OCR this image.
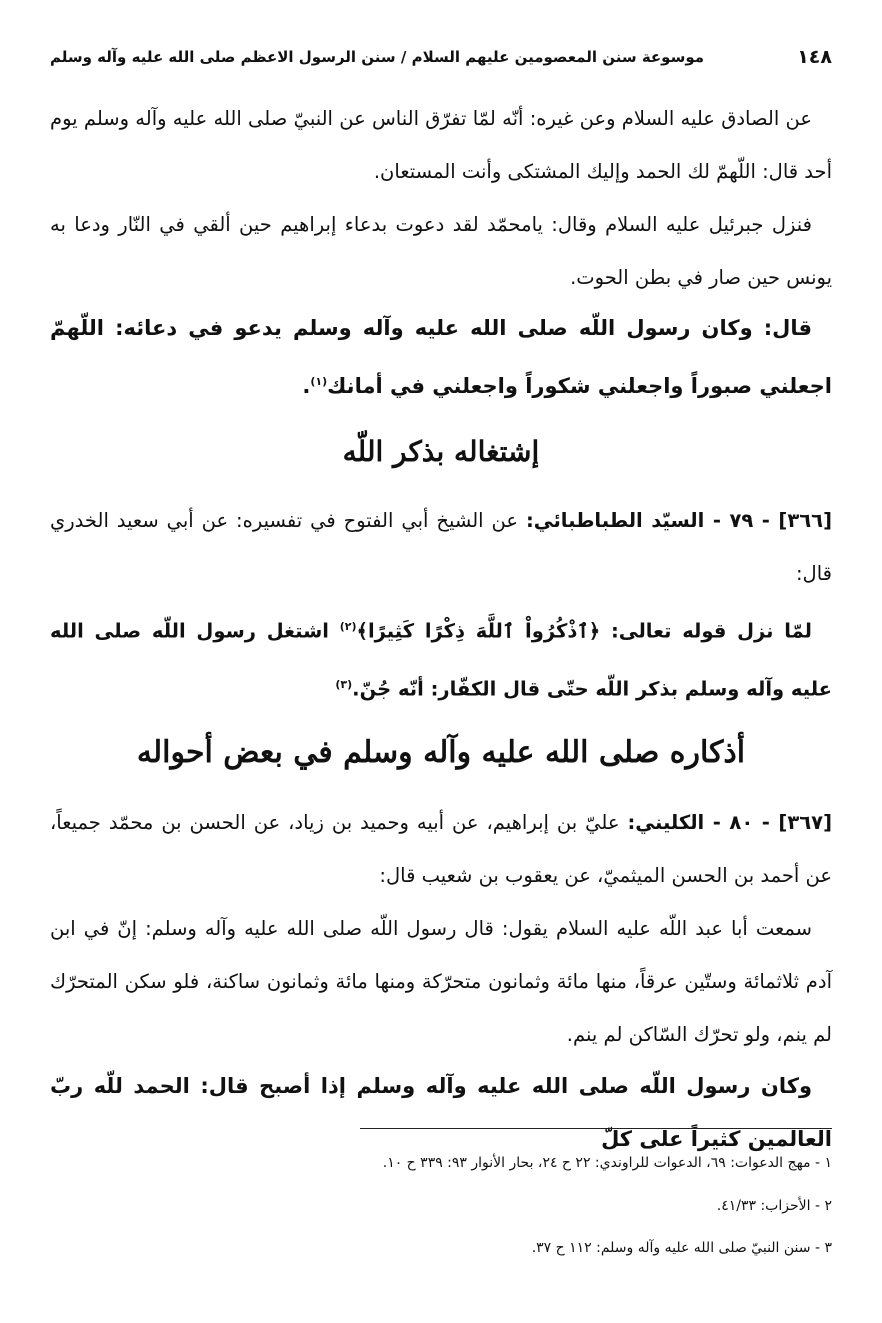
١٤٨
موسوعة سنن المعصومين عليهم السلام / سنن الرسول الاعظم صلى الله عليه وآله وسلم

عن الصادق عليه السلام وعن غيره: أنّه لمّا تفرّق الناس عن النبيّ صلى الله عليه وآله وسلم يوم أحد قال: اللّهمّ لك الحمد وإليك المشتكى وأنت المستعان.

فنزل جبرئيل عليه السلام وقال: يامحمّد لقد دعوت بدعاء إبراهيم حين ألقي في النّار ودعا به يونس حين صار في بطن الحوت.

قال: وكان رسول اللّه صلى الله عليه وآله وسلم يدعو في دعائه: اللّهمّ اجعلني صبوراً واجعلني شكوراً واجعلني في أمانك$^{(١)}$.

إشتغاله بذكر اللّه

[٣٦٦] - ٧٩ - السيّد الطباطبائي: عن الشيخ أبي الفتوح في تفسيره: عن أبي سعيد الخدري قال:

لمّا نزل قوله تعالى: ﴿ٱذْكُرُواْ ٱللَّهَ ذِكْرًا كَثِيرًا﴾$^{(٢)}$ اشتغل رسول اللّه صلى الله عليه وآله وسلم بذكر اللّه حتّى قال الكفّار: أنّه جُنّ.$^{(٣)}$

أذكاره صلى الله عليه وآله وسلم في بعض أحواله

[٣٦٧] - ٨٠ - الكليني: عليّ بن إبراهيم، عن أبيه وحميد بن زياد، عن الحسن بن محمّد جميعاً، عن أحمد بن الحسن الميثميّ، عن يعقوب بن شعيب قال:

سمعت أبا عبد اللّه عليه السلام يقول: قال رسول اللّه صلى الله عليه وآله وسلم: إنّ في ابن آدم ثلاثمائة وستّين عرقاً، منها مائة وثمانون متحرّكة ومنها مائة وثمانون ساكنة، فلو سكن المتحرّك لم ينم، ولو تحرّك السّاكن لم ينم.

وكان رسول اللّه صلى الله عليه وآله وسلم إذا أصبح قال: الحمد للّه ربّ العالمين كثيراً على كلّ

١ - مهج الدعوات: ٦٩، الدعوات للراوندي: ٢٢ ح ٢٤، بحار الأنوار ٩٣: ٣٣٩ ح ١٠.
٢ - الأحزاب: ٤١/٣٣.
٣ - سنن النبيّ صلى الله عليه وآله وسلم: ١١٢ ح ٣٧.
